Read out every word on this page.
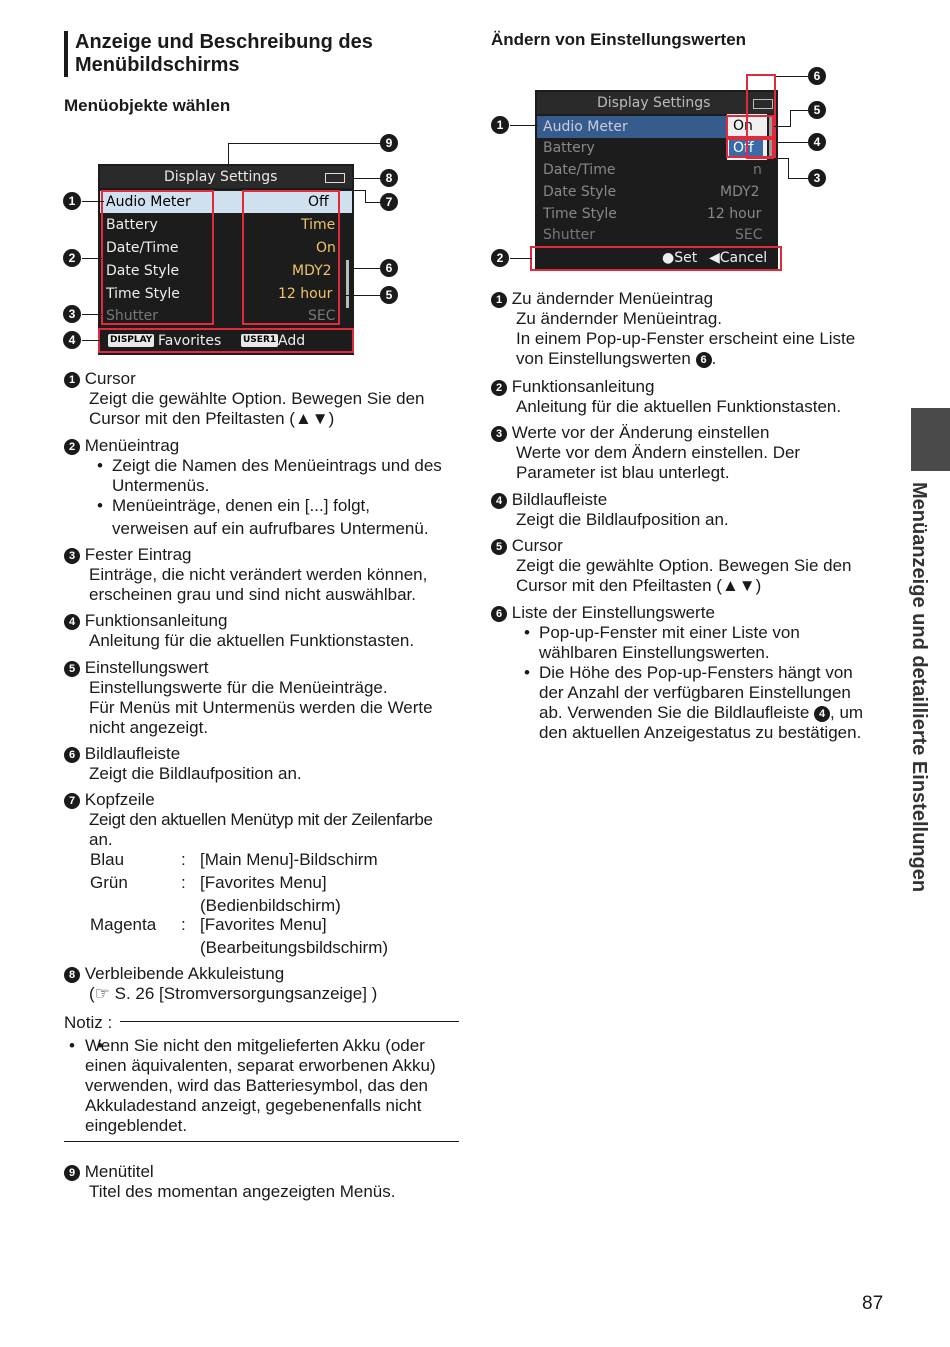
Anzeige und Beschreibung des
Menübildschirms
Menüobjekte wählen
Ändern von Einstellungswerten
Display Settings
Audio Meter	Off
Battery	Time
Date/Time	On
Date Style	MDY2
Time Style	12 hour
Shutter	SEC
DISPLAY Favorites USER1 Add
1
2
3
4
9
8
7
6
5
Display Settings
Audio Meter
Battery
Date/Time	n
Date Style	MDY2
Time Style	12 hour
Shutter	SEC
On
Off
●Set ◀Cancel
6
5
4
3
1
2
1 Cursor
Zeigt die gewählte Option. Bewegen Sie den
Cursor mit den Pfeiltasten (▲▼)
2 Menüeintrag
• Zeigt die Namen des Menüeintrags und des
Untermenüs.
• Menüeinträge, denen ein [...] folgt,
verweisen auf ein aufrufbares Untermenü.
3 Fester Eintrag
Einträge, die nicht verändert werden können,
erscheinen grau und sind nicht auswählbar.
4 Funktionsanleitung
Anleitung für die aktuellen Funktionstasten.
5 Einstellungswert
Einstellungswerte für die Menüeinträge.
Für Menüs mit Untermenüs werden die Werte
nicht angezeigt.
6 Bildlaufleiste
Zeigt die Bildlaufposition an.
7 Kopfzeile
Zeigt den aktuellen Menütyp mit der Zeilenfarbe
an.
Blau	: [Main Menu]-Bildschirm
Grün	: [Favorites Menu]
(Bedienbildschirm)
Magenta : [Favorites Menu]
(Bearbeitungsbildschirm)
8 Verbleibende Akkuleistung
(☞ S. 26 [Stromversorgungsanzeige] )
Notiz :
• • Wenn Sie nicht den mitgelieferten Akku (oder
einen äquivalenten, separat erworbenen Akku)
verwenden, wird das Batteriesymbol, das den
Akkuladestand anzeigt, gegebenenfalls nicht
eingeblendet.
9 Menütitel
Titel des momentan angezeigten Menüs.
1 Zu ändernder Menüeintrag
Zu ändernder Menüeintrag.
In einem Pop-up-Fenster erscheint eine Liste
von Einstellungswerten 6 .
2 Funktionsanleitung
Anleitung für die aktuellen Funktionstasten.
3 Werte vor der Änderung einstellen
Werte vor dem Ändern einstellen. Der
Parameter ist blau unterlegt.
4 Bildlaufleiste
Zeigt die Bildlaufposition an.
5 Cursor
Zeigt die gewählte Option. Bewegen Sie den
Cursor mit den Pfeiltasten (▲▼)
6 Liste der Einstellungswerte
• Pop-up-Fenster mit einer Liste von
wählbaren Einstellungswerten.
• Die Höhe des Pop-up-Fensters hängt von
der Anzahl der verfügbaren Einstellungen
ab. Verwenden Sie die Bildlaufleiste 4 , um
den aktuellen Anzeigestatus zu bestätigen.	Menüanzeige und detaillierte Einstellungen
87
